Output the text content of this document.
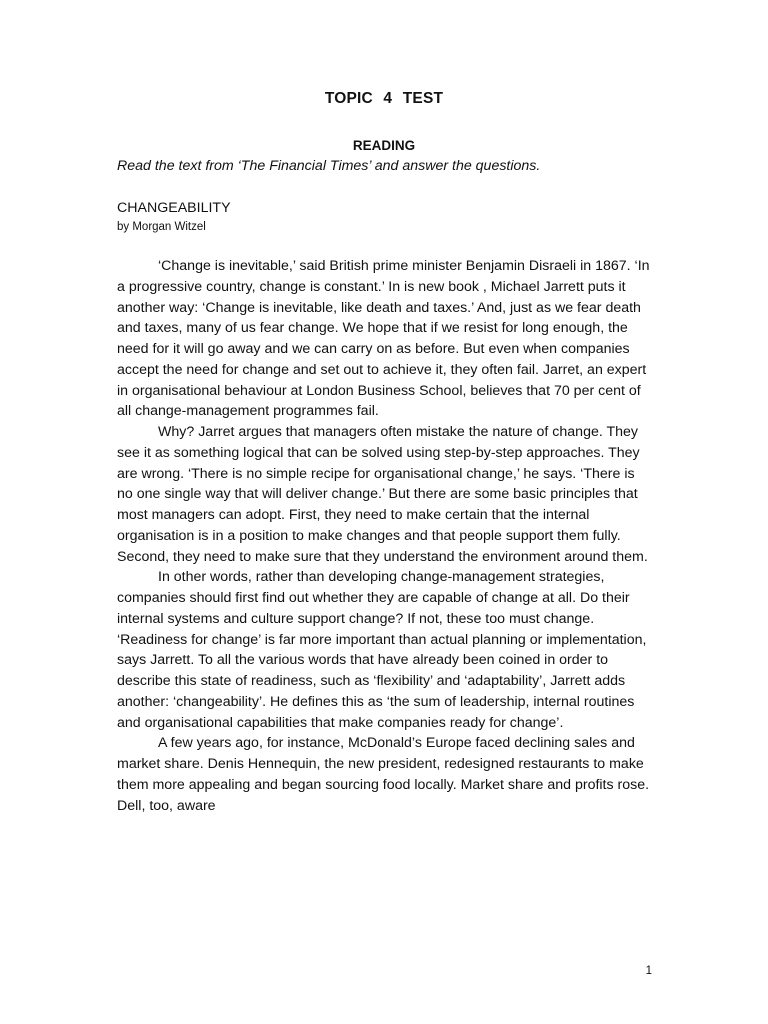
TOPIC 4 TEST
READING
Read the text from ‘The Financial Times’ and answer the questions.
CHANGEABILITY
by Morgan Witzel

‘Change is inevitable,’ said British prime minister Benjamin Disraeli in 1867. ‘In a progressive country, change is constant.’ In is new book , Michael Jarrett puts it another way: ‘Change is inevitable, like death and taxes.’ And, just as we fear death and taxes, many of us fear change. We hope that if we resist for long enough, the need for it will go away and we can carry on as before. But even when companies accept the need for change and set out to achieve it, they often fail. Jarret, an expert in organisational behaviour at London Business School, believes that 70 per cent of all change-management programmes fail.

Why? Jarret argues that managers often mistake the nature of change. They see it as something logical that can be solved using step-by-step approaches. They are wrong. ‘There is no simple recipe for organisational change,’ he says. ‘There is no one single way that will deliver change.’ But there are some basic principles that most managers can adopt. First, they need to make certain that the internal organisation is in a position to make changes and that people support them fully. Second, they need to make sure that they understand the environment around them.

In other words, rather than developing change-management strategies, companies should first find out whether they are capable of change at all. Do their internal systems and culture support change? If not, these too must change. ‘Readiness for change’ is far more important than actual planning or implementation, says Jarrett. To all the various words that have already been coined in order to describe this state of readiness, such as ‘flexibility’ and ‘adaptability’, Jarrett adds another: ‘changeability’. He defines this as ‘the sum of leadership, internal routines and organisational capabilities that make companies ready for change’.

A few years ago, for instance, McDonald’s Europe faced declining sales and market share. Denis Hennequin, the new president, redesigned restaurants to make them more appealing and began sourcing food locally. Market share and profits rose. Dell, too, aware

1
